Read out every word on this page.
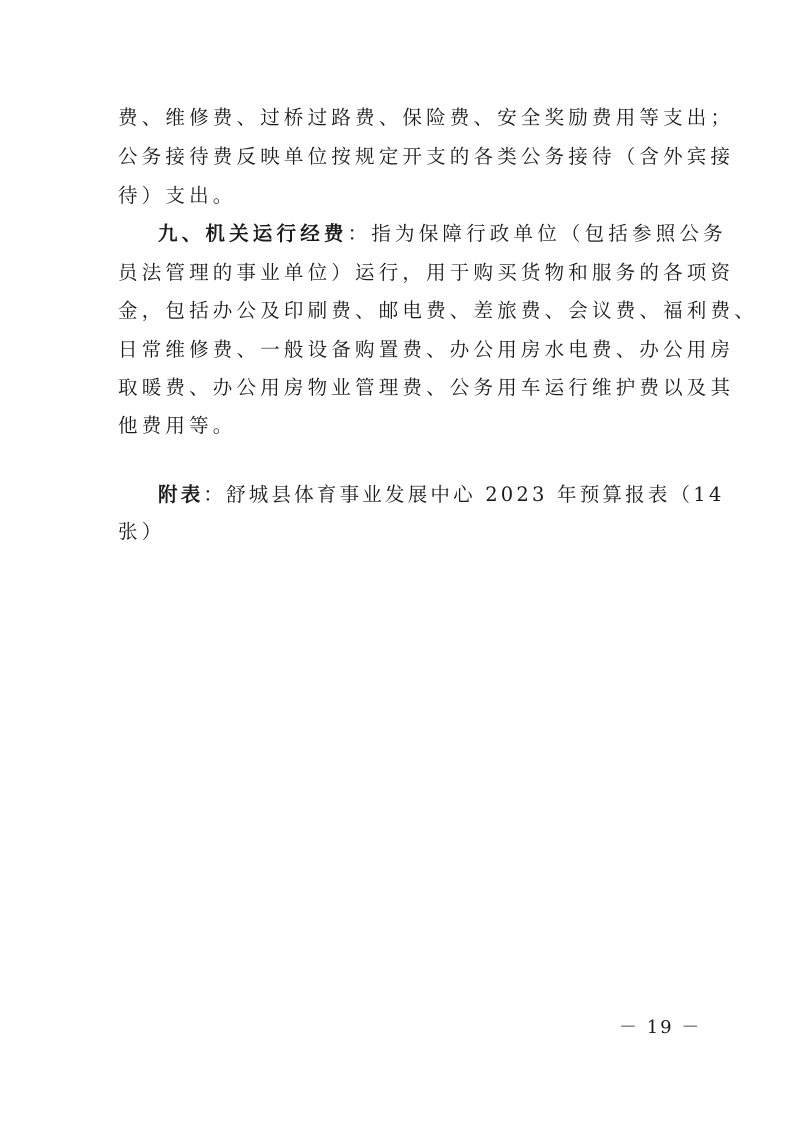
费、维修费、过桥过路费、保险费、安全奖励费用等支出；
公务接待费反映单位按规定开支的各类公务接待（含外宾接
待）支出。
九、机关运行经费：指为保障行政单位（包括参照公务
员法管理的事业单位）运行，用于购买货物和服务的各项资
金，包括办公及印刷费、邮电费、差旅费、会议费、福利费、
日常维修费、一般设备购置费、办公用房水电费、办公用房
取暖费、办公用房物业管理费、公务用车运行维护费以及其
他费用等。
附表：舒城县体育事业发展中心 2023 年预算报表（14
张）
－ 19 －
